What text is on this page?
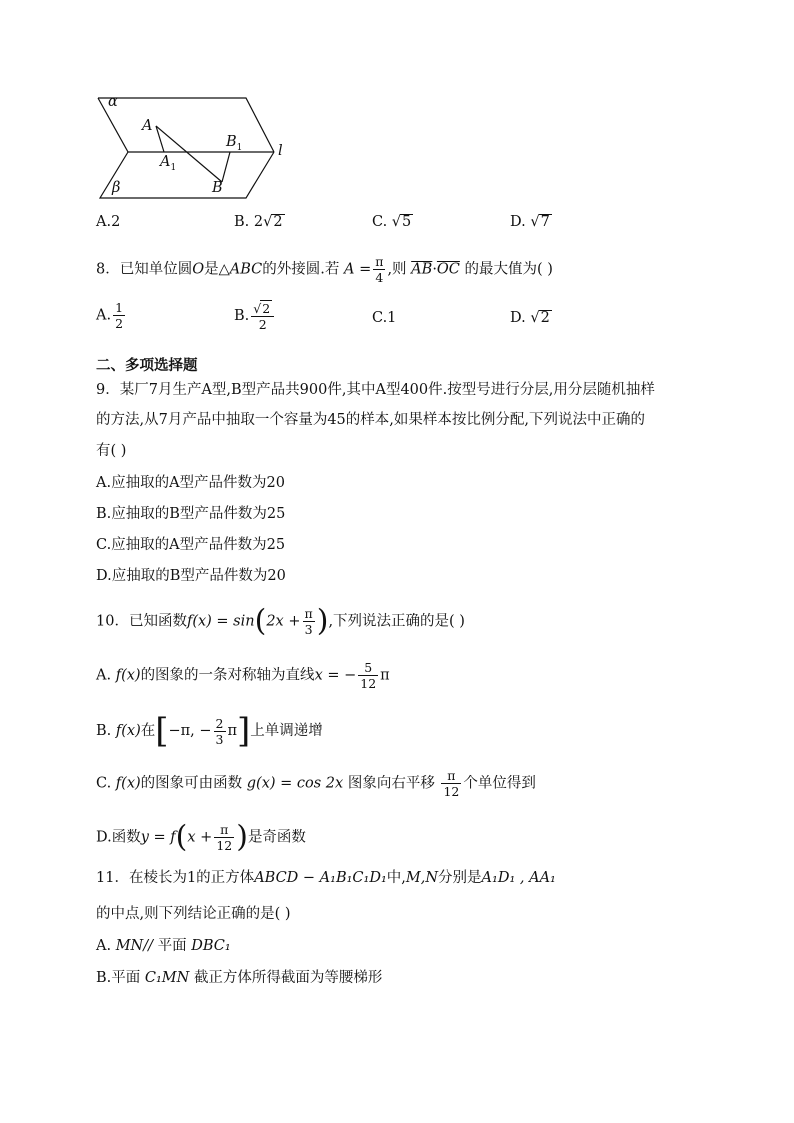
α
β
l
A
B
$A_1$
$B_1$
A.2	B. 2√2	C. √5	D. √7
8．已知单位圆O是△ABC的外接圆.若 $A = \frac{\pi}{4}$ ,则 $\overline{AB}\cdot\overline{OC}$ 的最大值为( )
A. $\frac{1}{2}$	B. $\frac{√2}{2}$	C.1	D. √2
二、多项选择题
9．某厂7月生产A型,B型产品共900件,其中A型400件.按型号进行分层,用分层随机抽样
的方法,从7月产品中抽取一个容量为45的样本,如果样本按比例分配,下列说法中正确的
有( )
A.应抽取的A型产品件数为20
B.应抽取的B型产品件数为25
C.应抽取的A型产品件数为25
D.应抽取的B型产品件数为20
10．已知函数$f(x) = \sin(2x + \frac{\pi}{3}$ ),下列说法正确的是( )
A. f(x)的图象的一条对称轴为直线x = − $\frac{5}{12}$ π
B. f(x)在[−π, − $\frac{2}{3} \pi$]上单调递增
C. f(x)的图象可由函数 g(x) = cos 2x 图象向右平移 $\frac{\pi}{12}$ 个单位得到
D.函数$y = f(x + \frac{\pi}{12}$ )是奇函数
11．在棱长为1的正方体ABCD − A₁B₁C₁D₁中,M,N分别是A₁D₁ , AA₁
的中点,则下列结论正确的是( )
A. MN// 平面 DBC₁
B.平面 C₁MN 截正方体所得截面为等腰梯形
